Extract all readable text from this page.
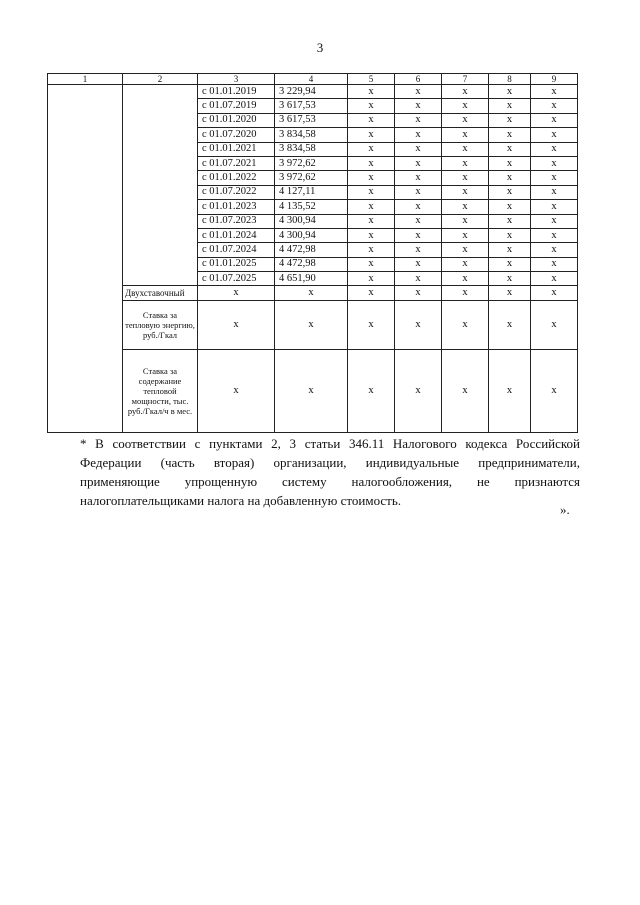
3
1	2	3	4	5	6	7	8	9
		с 01.01.2019	3 229,94	х	х	х	х	х
		с 01.07.2019	3 617,53	х	х	х	х	х
		с 01.01.2020	3 617,53	х	х	х	х	х
		с 01.07.2020	3 834,58	х	х	х	х	х
		с 01.01.2021	3 834,58	х	х	х	х	х
		с 01.07.2021	3 972,62	х	х	х	х	х
		с 01.01.2022	3 972,62	х	х	х	х	х
		с 01.07.2022	4 127,11	х	х	х	х	х
		с 01.01.2023	4 135,52	х	х	х	х	х
		с 01.07.2023	4 300,94	х	х	х	х	х
		с 01.01.2024	4 300,94	х	х	х	х	х
		с 01.07.2024	4 472,98	х	х	х	х	х
		с 01.01.2025	4 472,98	х	х	х	х	х
		с 01.07.2025	4 651,90	х	х	х	х	х
	Двухставочный	х	х	х	х	х	х	х
	Ставка за тепловую энергию, руб./Гкал	х	х	х	х	х	х	х
	Ставка за содержание тепловой мощности, тыс. руб./Гкал/ч в мес.	х	х	х	х	х	х	х

* В соответствии с пунктами 2, 3 статьи 346.11 Налогового кодекса Российской Федерации (часть вторая) организации, индивидуальные предприниматели, применяющие упрощенную систему налогообложения, не признаются налогоплательщиками налога на добавленную стоимость.

».
